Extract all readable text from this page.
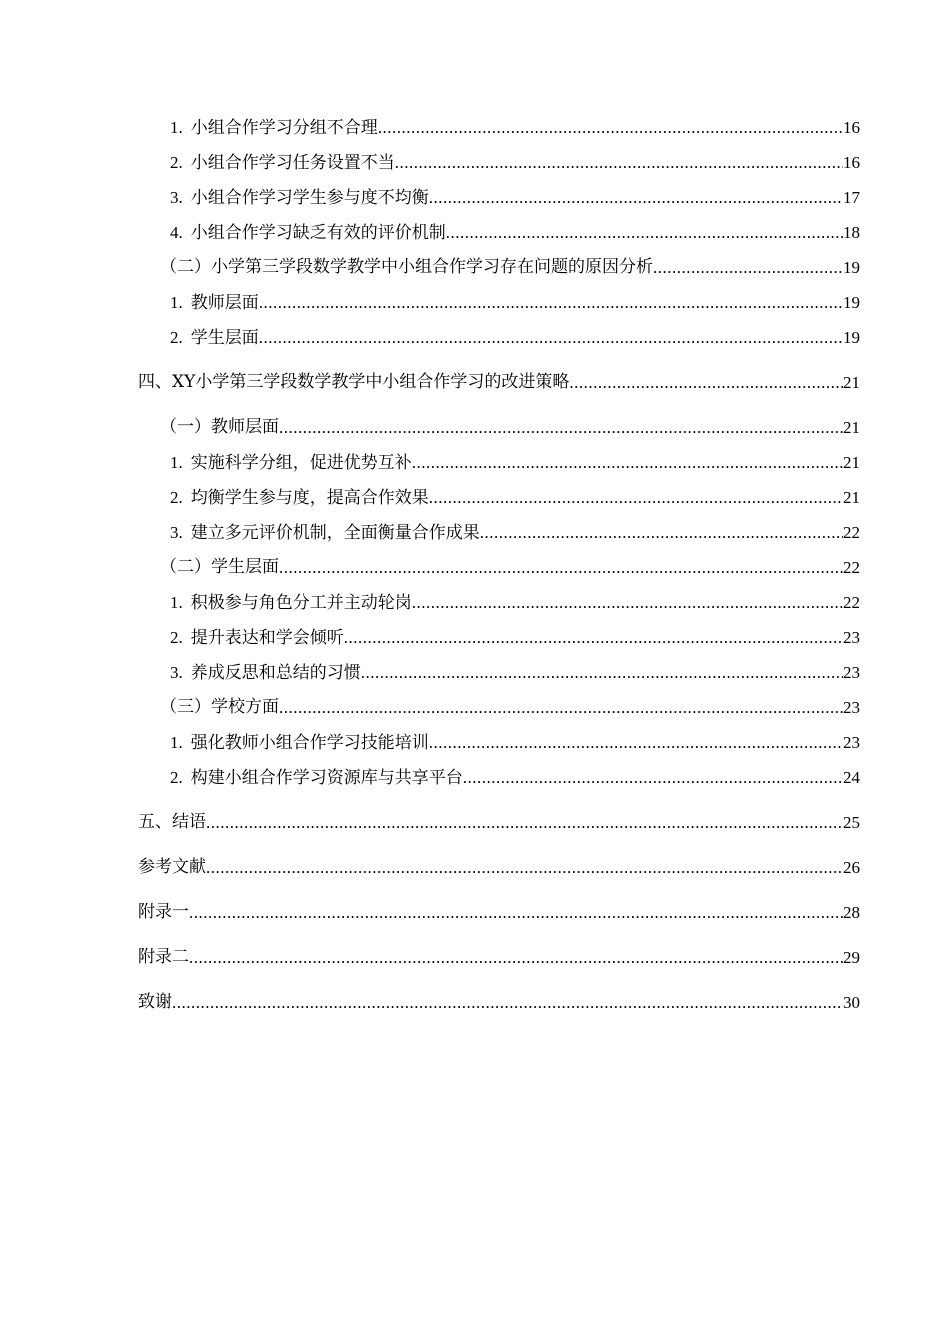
1. 小组合作学习分组不合理 .....	16
2. 小组合作学习任务设置不当 .....	16
3. 小组合作学习学生参与度不均衡 .....	17
4. 小组合作学习缺乏有效的评价机制 .....	18
（二）小学第三学段数学教学中小组合作学习存在问题的原因分析 .....	19
1. 教师层面 .....	19
2. 学生层面 .....	19
四、XY小学第三学段数学教学中小组合作学习的改进策略 .....	21
（一）教师层面 .....	21
1. 实施科学分组，促进优势互补 .....	21
2. 均衡学生参与度，提高合作效果 .....	21
3. 建立多元评价机制，全面衡量合作成果 .....	22
（二）学生层面 .....	22
1. 积极参与角色分工并主动轮岗 .....	22
2. 提升表达和学会倾听 .....	23
3. 养成反思和总结的习惯 .....	23
（三）学校方面 .....	23
1. 强化教师小组合作学习技能培训 .....	23
2. 构建小组合作学习资源库与共享平台 .....	24
五、结语 .....	25
参考文献 .....	26
附录一 .....	28
附录二 .....	29
致谢 .....	30
